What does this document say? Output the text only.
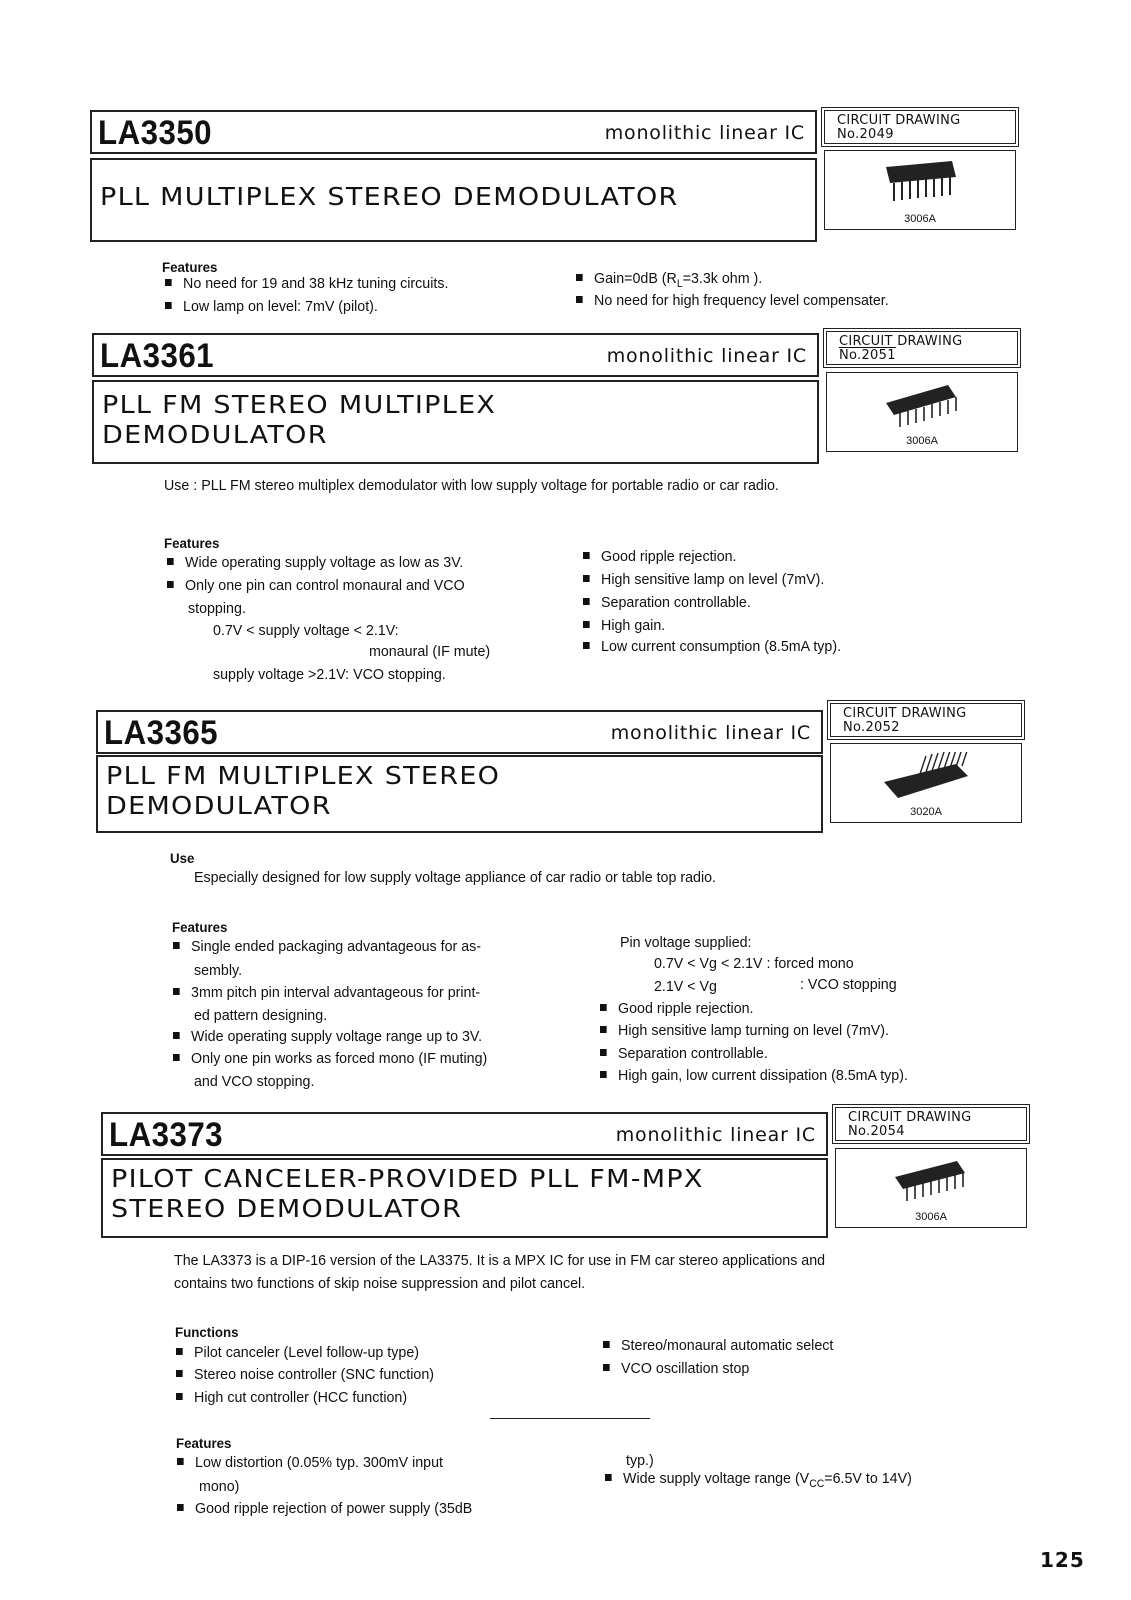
LA3350	monolithic linear IC
CIRCUIT DRAWING
No.2049
PLL MULTIPLEX STEREO DEMODULATOR
3006A
Features
No need for 19 and 38 kHz tuning circuits.
Low lamp on level: 7mV (pilot).
Gain=0dB ($R_L=3.3k$ ohm ).
No need for high frequency level compensater.
LA3361	monolithic linear IC
CIRCUIT DRAWING
No.2051
PLL FM STEREO MULTIPLEX
DEMODULATOR	3006A
Use : PLL FM stereo multiplex demodulator with low supply voltage for portable radio or car radio.
Features
Wide operating supply voltage as low as 3V.
Only one pin can control monaural and VCO
stopping.
0.7V < supply voltage < 2.1V:
monaural (IF mute)
supply voltage >2.1V: VCO stopping.
Good ripple rejection.
High sensitive lamp on level (7mV).
Separation controllable.
High gain.
Low current consumption (8.5mA typ).
LA3365	monolithic linear IC
CIRCUIT DRAWING
No.2052
PLL FM MULTIPLEX STEREO
DEMODULATOR	3020A
Use
Especially designed for low supply voltage appliance of car radio or table top radio.
Features
Single ended packaging advantageous for as-
sembly.
3mm pitch pin interval advantageous for print-
ed pattern designing.
Wide operating supply voltage range up to 3V.
Only one pin works as forced mono (IF muting)
and VCO stopping.
Pin voltage supplied:
0.7V < Vg < 2.1V : forced mono
2.1V < Vg	: VCO stopping
Good ripple rejection.
High sensitive lamp turning on level (7mV).
Separation controllable.
High gain, low current dissipation (8.5mA typ).
LA3373	monolithic linear IC
CIRCUIT DRAWING
No.2054
PILOT CANCELER-PROVIDED PLL FM-MPX
STEREO DEMODULATOR	3006A
The LA3373 is a DIP-16 version of the LA3375. It is a MPX IC for use in FM car stereo applications and
contains two functions of skip noise suppression and pilot cancel.
Functions
Pilot canceler (Level follow-up type)
Stereo noise controller (SNC function)
High cut controller (HCC function)
Stereo/monaural automatic select
VCO oscillation stop
Features
Low distortion (0.05% typ. 300mV input
mono)
Good ripple rejection of power supply (35dB
typ.)
Wide supply voltage range ($V_{CC}=6.5V$ to 14V)
125
